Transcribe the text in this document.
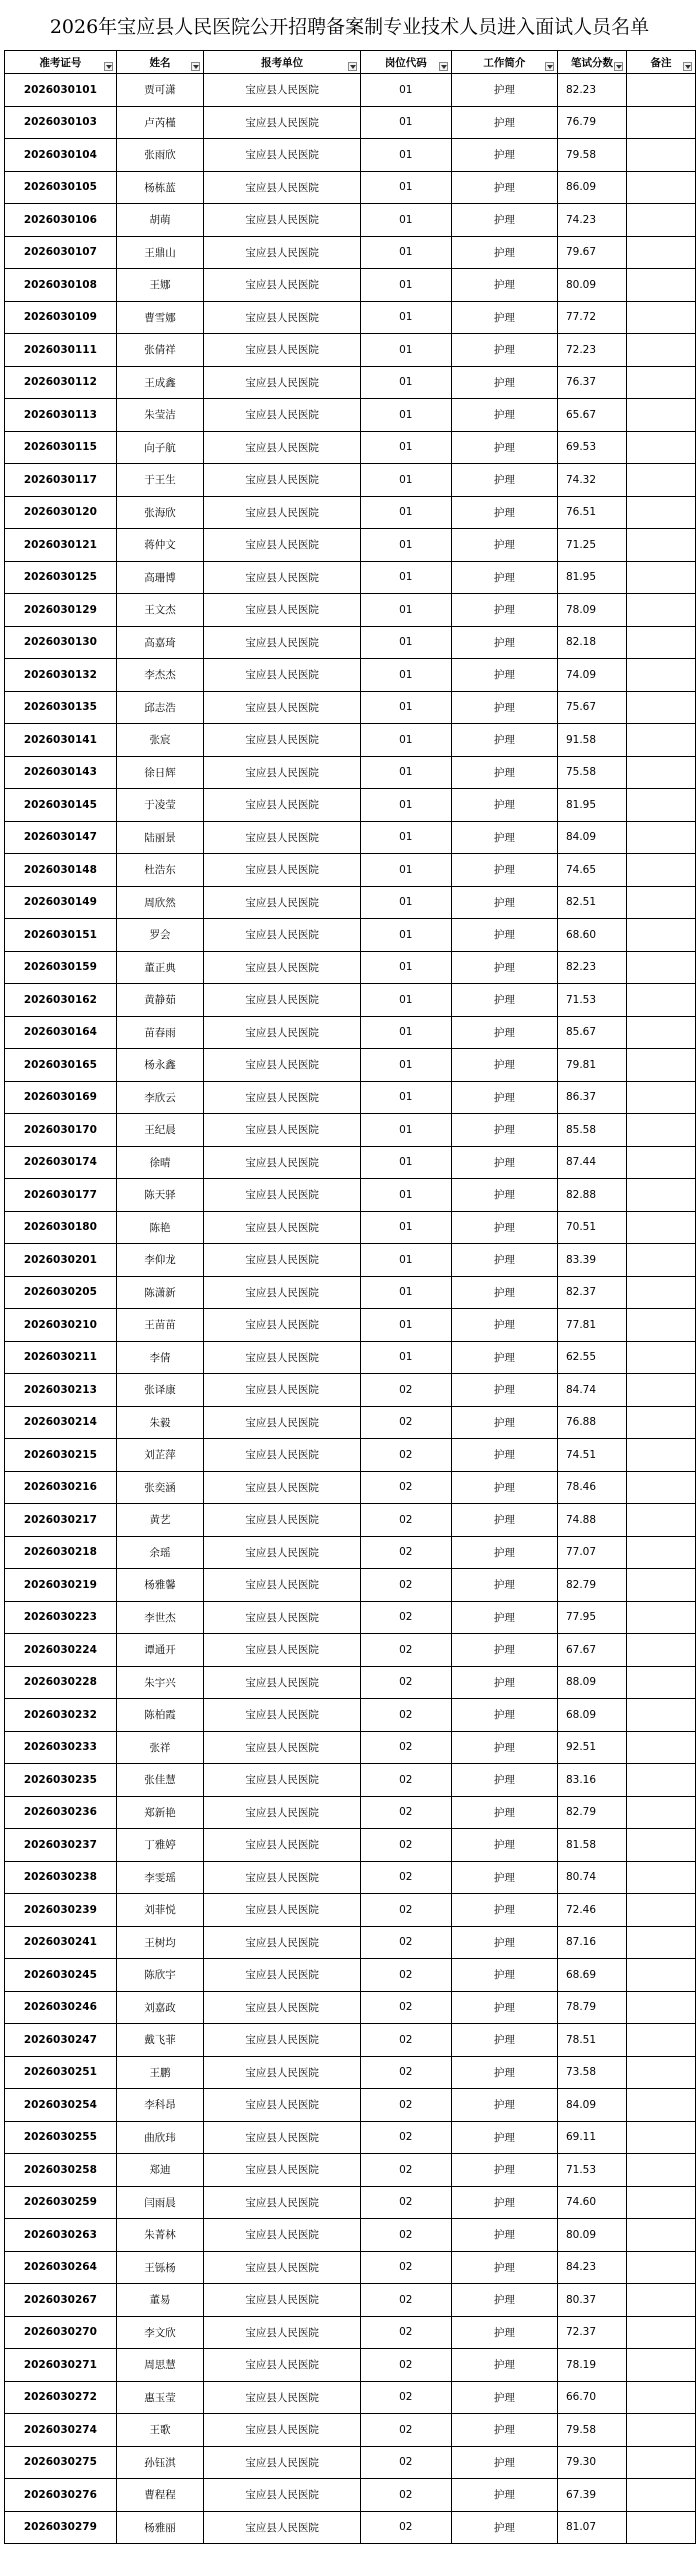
2026年宝应县人民医院公开招聘备案制专业技术人员进入面试人员名单
准考证号	姓名	报考单位	岗位代码	工作简介	笔试分数	备注

2026030101	贾可潇	宝应县人民医院	01	护理	82.23	
2026030103	卢芮槿	宝应县人民医院	01	护理	76.79	
2026030104	张雨欣	宝应县人民医院	01	护理	79.58	
2026030105	杨栋蓝	宝应县人民医院	01	护理	86.09	
2026030106	胡萌	宝应县人民医院	01	护理	74.23	
2026030107	王鼎山	宝应县人民医院	01	护理	79.67	
2026030108	王娜	宝应县人民医院	01	护理	80.09	
2026030109	曹雪娜	宝应县人民医院	01	护理	77.72	
2026030111	张倩祥	宝应县人民医院	01	护理	72.23	
2026030112	王成鑫	宝应县人民医院	01	护理	76.37	
2026030113	朱莹洁	宝应县人民医院	01	护理	65.67	
2026030115	向子航	宝应县人民医院	01	护理	69.53	
2026030117	于王生	宝应县人民医院	01	护理	74.32	
2026030120	张海欣	宝应县人民医院	01	护理	76.51	
2026030121	蒋仲文	宝应县人民医院	01	护理	71.25	
2026030125	高珊博	宝应县人民医院	01	护理	81.95	
2026030129	王文杰	宝应县人民医院	01	护理	78.09	
2026030130	高嘉琦	宝应县人民医院	01	护理	82.18	
2026030132	李杰杰	宝应县人民医院	01	护理	74.09	
2026030135	邱志浩	宝应县人民医院	01	护理	75.67	
2026030141	张宸	宝应县人民医院	01	护理	91.58	
2026030143	徐日辉	宝应县人民医院	01	护理	75.58	
2026030145	于凌莹	宝应县人民医院	01	护理	81.95	
2026030147	陆丽景	宝应县人民医院	01	护理	84.09	
2026030148	杜浩东	宝应县人民医院	01	护理	74.65	
2026030149	周欣然	宝应县人民医院	01	护理	82.51	
2026030151	罗会	宝应县人民医院	01	护理	68.60	
2026030159	董正典	宝应县人民医院	01	护理	82.23	
2026030162	黄静茹	宝应县人民医院	01	护理	71.53	
2026030164	苗春雨	宝应县人民医院	01	护理	85.67	
2026030165	杨永鑫	宝应县人民医院	01	护理	79.81	
2026030169	李欣云	宝应县人民医院	01	护理	86.37	
2026030170	王纪晨	宝应县人民医院	01	护理	85.58	
2026030174	徐晴	宝应县人民医院	01	护理	87.44	
2026030177	陈天驿	宝应县人民医院	01	护理	82.88	
2026030180	陈艳	宝应县人民医院	01	护理	70.51	
2026030201	李仰龙	宝应县人民医院	01	护理	83.39	
2026030205	陈潇新	宝应县人民医院	01	护理	82.37	
2026030210	王苗苗	宝应县人民医院	01	护理	77.81	
2026030211	李倩	宝应县人民医院	01	护理	62.55	
2026030213	张译康	宝应县人民医院	02	护理	84.74	
2026030214	朱毅	宝应县人民医院	02	护理	76.88	
2026030215	刘芷萍	宝应县人民医院	02	护理	74.51	
2026030216	张奕涵	宝应县人民医院	02	护理	78.46	
2026030217	黄艺	宝应县人民医院	02	护理	74.88	
2026030218	余瑶	宝应县人民医院	02	护理	77.07	
2026030219	杨雅馨	宝应县人民医院	02	护理	82.79	
2026030223	李世杰	宝应县人民医院	02	护理	77.95	
2026030224	谭通开	宝应县人民医院	02	护理	67.67	
2026030228	朱宇兴	宝应县人民医院	02	护理	88.09	
2026030232	陈柏霞	宝应县人民医院	02	护理	68.09	
2026030233	张祥	宝应县人民医院	02	护理	92.51	
2026030235	张佳慧	宝应县人民医院	02	护理	83.16	
2026030236	郑新艳	宝应县人民医院	02	护理	82.79	
2026030237	丁雅婷	宝应县人民医院	02	护理	81.58	
2026030238	李雯瑶	宝应县人民医院	02	护理	80.74	
2026030239	刘菲悦	宝应县人民医院	02	护理	72.46	
2026030241	王树均	宝应县人民医院	02	护理	87.16	
2026030245	陈欣宇	宝应县人民医院	02	护理	68.69	
2026030246	刘嘉政	宝应县人民医院	02	护理	78.79	
2026030247	戴飞菲	宝应县人民医院	02	护理	78.51	
2026030251	王鹏	宝应县人民医院	02	护理	73.58	
2026030254	李科昂	宝应县人民医院	02	护理	84.09	
2026030255	曲欣玮	宝应县人民医院	02	护理	69.11	
2026030258	郑迪	宝应县人民医院	02	护理	71.53	
2026030259	闫雨晨	宝应县人民医院	02	护理	74.60	
2026030263	朱菁林	宝应县人民医院	02	护理	80.09	
2026030264	王铄杨	宝应县人民医院	02	护理	84.23	
2026030267	董易	宝应县人民医院	02	护理	80.37	
2026030270	李文欣	宝应县人民医院	02	护理	72.37	
2026030271	周思慧	宝应县人民医院	02	护理	78.19	
2026030272	惠玉莹	宝应县人民医院	02	护理	66.70	
2026030274	王歌	宝应县人民医院	02	护理	79.58	
2026030275	孙钰淇	宝应县人民医院	02	护理	79.30	
2026030276	曹程程	宝应县人民医院	02	护理	67.39	
2026030279	杨雅丽	宝应县人民医院	02	护理	81.07	
